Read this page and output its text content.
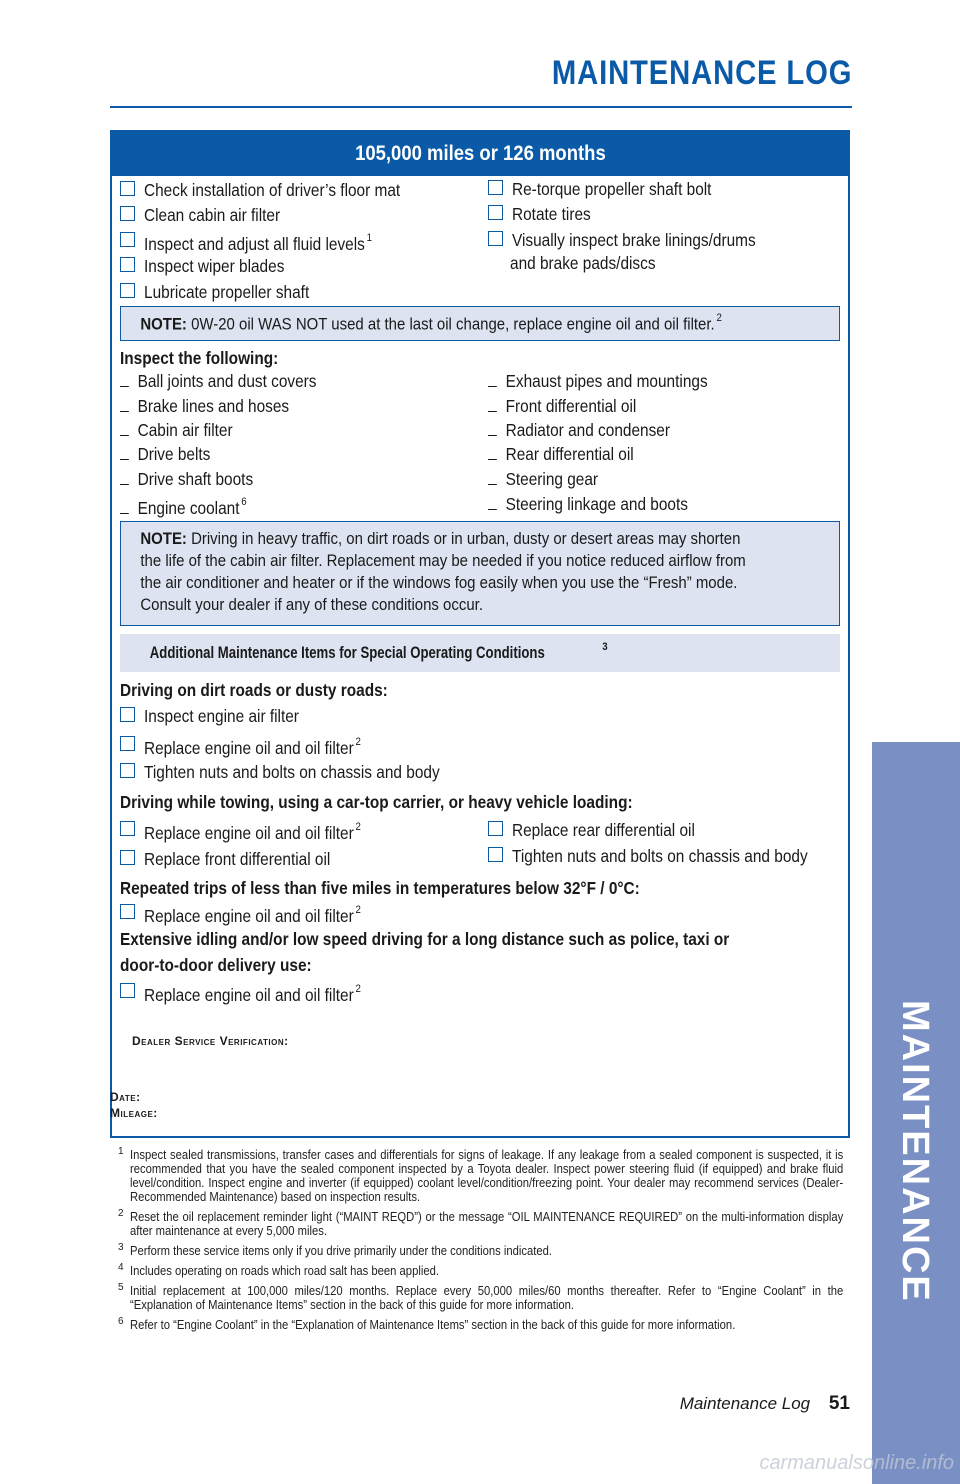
MAINTENANCE LOG
105,000 miles or 126 months
Check installation of driver’s floor mat
Clean cabin air filter
Inspect and adjust all fluid levels $^1$
Inspect wiper blades
Lubricate propeller shaft
Re-torque propeller shaft bolt
Rotate tires
Visually inspect brake linings/drums
and brake pads/discs
NOTE: 0W-20 oil WAS NOT used at the last oil change, replace engine oil and oil filter. $^2$
Inspect the following:
Ball joints and dust covers
Brake lines and hoses
Cabin air filter
Drive belts
Drive shaft boots
Engine coolant $^6$
Exhaust pipes and mountings
Front differential oil
Radiator and condenser
Rear differential oil
Steering gear
Steering linkage and boots
NOTE: Driving in heavy traffic, on dirt roads or in urban, dusty or desert areas may shorten
the life of the cabin air filter. Replacement may be needed if you notice reduced airflow from
the air conditioner and heater or if the windows fog easily when you use the “Fresh” mode.
Consult your dealer if any of these conditions occur.
Additional Maintenance Items for Special Operating Conditions	$^3$
Driving on dirt roads or dusty roads:
Inspect engine air filter
Replace engine oil and oil filter $^2$
Tighten nuts and bolts on chassis and body
Driving while towing, using a car-top carrier, or heavy vehicle loading:
Replace engine oil and oil filter $^2$
Replace front differential oil
Replace rear differential oil
Tighten nuts and bolts on chassis and body
Repeated trips of less than five miles in temperatures below 32°F / 0°C:
Replace engine oil and oil filter $^2$
Extensive idling and/or low speed driving for a long distance such as police, taxi or
door-to-door delivery use:
Replace engine oil and oil filter $^2$
Dealer Service Verification:
Date:
Mileage:
1 Inspect sealed transmissions, transfer cases and differentials for signs of leakage. If any leakage from a sealed component is suspected, it is recommended that you have the sealed component inspected by a Toyota dealer. Inspect power steering fluid (if equipped) and brake fluid level/condition. Inspect engine and inverter (if equipped) coolant level/condition/freezing point. Your dealer may recommend services (Dealer-Recommended Maintenance) based on inspection results.
2 Reset the oil replacement reminder light (“MAINT REQD”) or the message “OIL MAINTENANCE REQUIRED” on the multi-information display after maintenance at every 5,000 miles.
3 Perform these service items only if you drive primarily under the conditions indicated.
4 Includes operating on roads which road salt has been applied.
5 Initial replacement at 100,000 miles/120 months. Replace every 50,000 miles/60 months thereafter. Refer to “Engine Coolant” in the “Explanation of Maintenance Items” section in the back of this guide for more information.
6 Refer to “Engine Coolant” in the “Explanation of Maintenance Items” section in the back of this guide for more information.
Maintenance Log 51
MAINTENANCE
carmanualsonline.info
